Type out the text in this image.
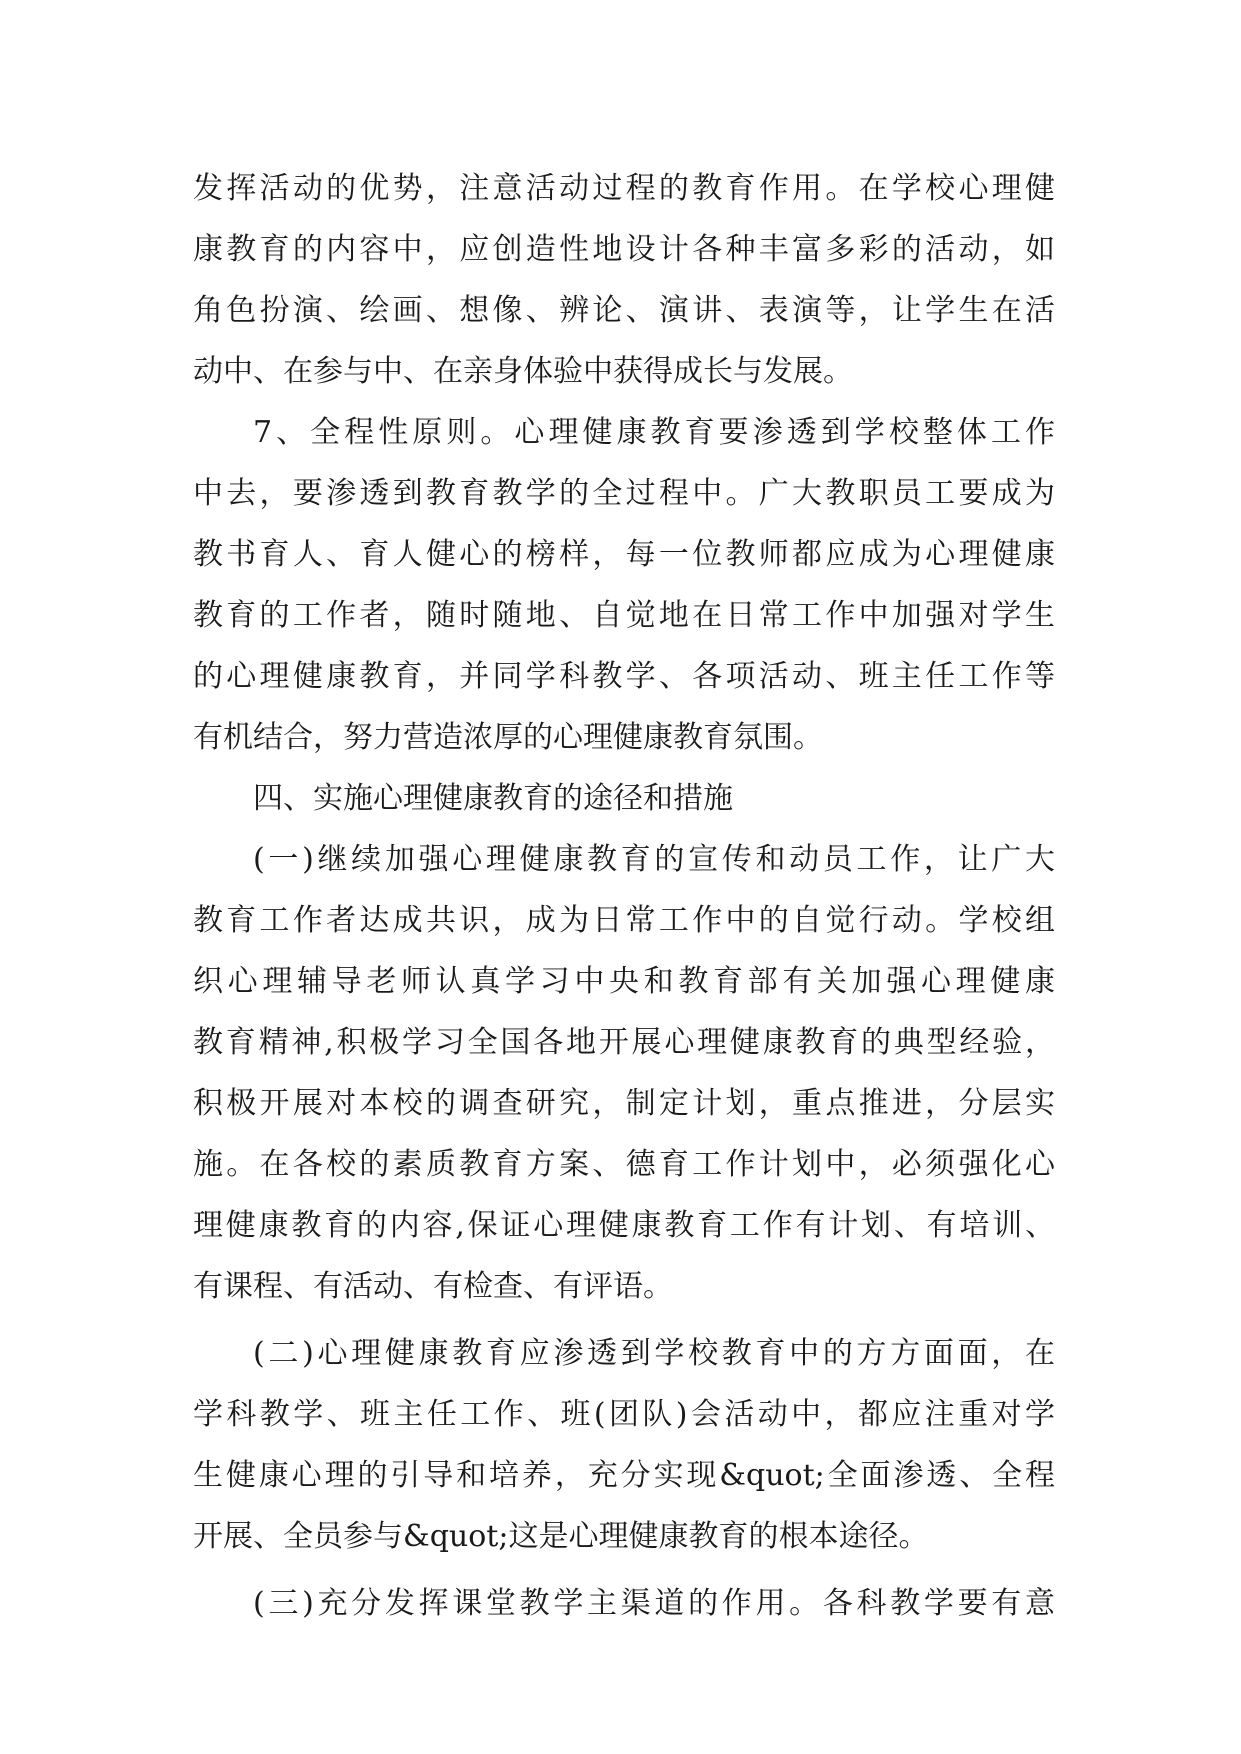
发挥活动的优势，注意活动过程的教育作用。在学校心理健
康教育的内容中，应创造性地设计各种丰富多彩的活动，如
角色扮演、绘画、想像、辨论、演讲、表演等，让学生在活
动中、在参与中、在亲身体验中获得成长与发展。
7、全程性原则。心理健康教育要渗透到学校整体工作
中去，要渗透到教育教学的全过程中。广大教职员工要成为
教书育人、育人健心的榜样，每一位教师都应成为心理健康
教育的工作者，随时随地、自觉地在日常工作中加强对学生
的心理健康教育，并同学科教学、各项活动、班主任工作等
有机结合，努力营造浓厚的心理健康教育氛围。
四、实施心理健康教育的途径和措施
(一)继续加强心理健康教育的宣传和动员工作，让广大
教育工作者达成共识，成为日常工作中的自觉行动。学校组
织心理辅导老师认真学习中央和教育部有关加强心理健康
教育精神,积极学习全国各地开展心理健康教育的典型经验，
积极开展对本校的调查研究，制定计划，重点推进，分层实
施。在各校的素质教育方案、德育工作计划中，必须强化心
理健康教育的内容,保证心理健康教育工作有计划、有培训、
有课程、有活动、有检查、有评语。
(二)心理健康教育应渗透到学校教育中的方方面面，在
学科教学、班主任工作、班(团队)会活动中，都应注重对学
生健康心理的引导和培养，充分实现&quot;全面渗透、全程
开展、全员参与&quot;这是心理健康教育的根本途径。
(三)充分发挥课堂教学主渠道的作用。各科教学要有意
